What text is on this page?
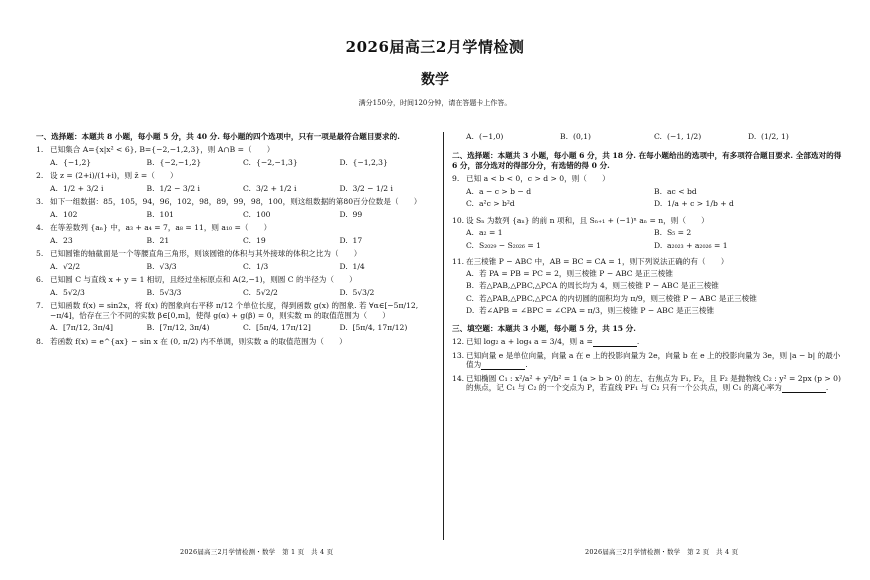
2026届高三2月学情检测
数学
满分150分，时间120分钟，请在答题卡上作答。
一、选择题：本题共 8 小题，每小题 5 分，共 40 分. 每小题的四个选项中，只有一项是最符合题目要求的.
1. 已知集合 A={x|x² < 6}, B={−2,−1,2,3}，则 A∩B =（　　）
A. {−1,2}	B. {−2,−1,2}	C. {−2,−1,3}	D. {−1,2,3}
2. 设 z = (2+i)/(1+i)，则 z̄ =（　　）
A. 1/2 + 3/2 i	B. 1/2 − 3/2 i	C. 3/2 + 1/2 i	D. 3/2 − 1/2 i
3. 如下一组数据：85，105，94，96，102，98，89，99，98，100，则这组数据的第80百分位数是（　　）
A. 102	B. 101	C. 100	D. 99
4. 在等差数列 {aₙ} 中，a₃ + a₄ = 7，a₈ = 11，则 a₁₀ =（　　）
A. 23	B. 21	C. 19	D. 17
5. 已知圆锥的轴截面是一个等腰直角三角形，则该圆锥的体积与其外接球的体积之比为（　　）
A. √2/2	B. √3/3	C. 1/3	D. 1/4
6. 已知圆 C 与直线 x + y = 1 相切，且经过坐标原点和 A(2,−1)，则圆 C 的半径为（　　）
A. 5√2/3	B. 5√3/3	C. 5√2/2	D. 5√3/2
7. 已知函数 f(x) = sin2x，将 f(x) 的图象向右平移 π/12 个单位长度，得到函数 g(x) 的图象. 若 ∀α∈[−5π/12, −π/4]，恰存在三个不同的实数 β∈[0,m]，使得 g(α) + g(β) = 0，则实数 m 的取值范围为（　　）
A. [7π/12, 3π/4]	B. [7π/12, 3π/4)	C. [5π/4, 17π/12]	D. [5π/4, 17π/12)
8. 若函数 f(x) = e^{ax} − sin x 在 (0, π/2) 内不单调，则实数 a 的取值范围为（　　）
A. (−1,0)	B. (0,1)	C. (−1, 1/2)	D. (1/2, 1)
二、选择题：本题共 3 小题，每小题 6 分，共 18 分. 在每小题给出的选项中，有多项符合题目要求. 全部选对的得 6 分，部分选对的得部分分，有选错的得 0 分.
9. 已知 a < b < 0，c > d > 0，则（　　）
A. a − c > b − d	B. ac < bd
C. a²c > b²d	D. 1/a + c > 1/b + d
10. 设 Sₙ 为数列 {aₙ} 的前 n 项和，且 Sₙ₊₁ + (−1)ⁿ aₙ = n，则（　　）
A. a₂ = 1	B. S₅ = 2
C. S₂₀₂₉ − S₂₀₂₆ = 1	D. a₂₀₂₃ + a₂₀₂₆ = 1
11. 在三棱锥 P − ABC 中，AB = BC = CA = 1，则下列说法正确的有（　　）
A. 若 PA = PB = PC = 2，则三棱锥 P − ABC 是正三棱锥
B. 若△PAB,△PBC,△PCA 的周长均为 4，则三棱锥 P − ABC 是正三棱锥
C. 若△PAB,△PBC,△PCA 的内切圆的面积均为 π/9，则三棱锥 P − ABC 是正三棱锥
D. 若∠APB = ∠BPC = ∠CPA = π/3，则三棱锥 P − ABC 是正三棱锥
三、填空题：本题共 3 小题，每小题 5 分，共 15 分.
12. 已知 log₂ a + log₄ a = 3/4，则 a =	.
13. 已知向量 e 是单位向量，向量 a 在 e 上的投影向量为 2e，向量 b 在 e 上的投影向量为 3e，则 |a − b| 的最小值为	.
14. 已知椭圆 C₁ : x²/a² + y²/b² = 1 (a > b > 0) 的左、右焦点为 F₁, F₂，且 F₂ 是抛物线 C₂ : y² = 2px (p > 0) 的焦点，记 C₁ 与 C₂ 的一个交点为 P，若直线 PF₁ 与 C₂ 只有一个公共点，则 C₁ 的离心率为	.
2026届高三2月学情检测・数学　第 1 页　共 4 页	2026届高三2月学情检测・数学　第 2 页　共 4 页
